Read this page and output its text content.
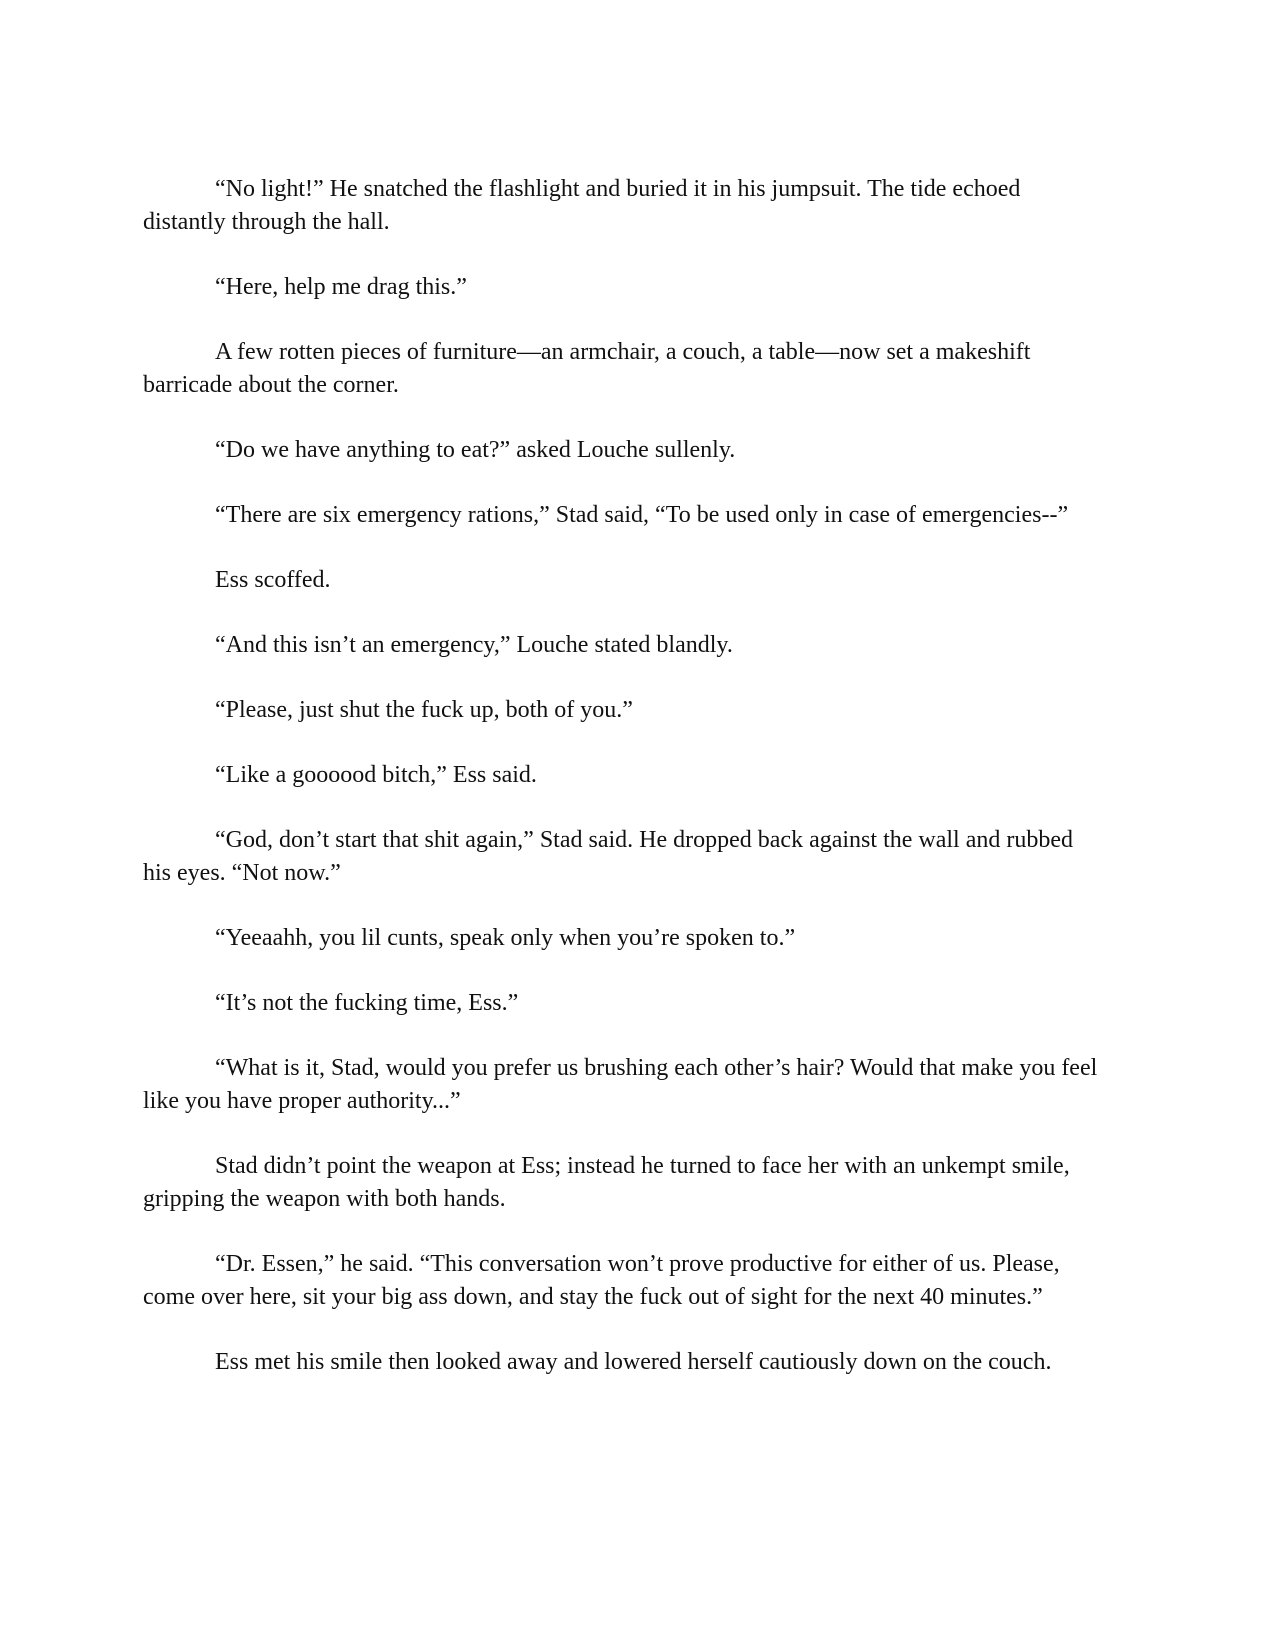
“No light!” He snatched the flashlight and buried it in his jumpsuit. The tide echoed distantly through the hall.

“Here, help me drag this.”

A few rotten pieces of furniture—an armchair, a couch, a table—now set a makeshift barricade about the corner.

“Do we have anything to eat?” asked Louche sullenly.

“There are six emergency rations,” Stad said, “To be used only in case of emergencies--”

Ess scoffed.

“And this isn’t an emergency,” Louche stated blandly.

“Please, just shut the fuck up, both of you.”

“Like a goooood bitch,” Ess said.

“God, don’t start that shit again,” Stad said. He dropped back against the wall and rubbed his eyes. “Not now.”

“Yeeaahh, you lil cunts, speak only when you’re spoken to.”

“It’s not the fucking time, Ess.”

“What is it, Stad, would you prefer us brushing each other’s hair? Would that make you feel like you have proper authority...”

Stad didn’t point the weapon at Ess; instead he turned to face her with an unkempt smile, gripping the weapon with both hands.

“Dr. Essen,” he said. “This conversation won’t prove productive for either of us. Please, come over here, sit your big ass down, and stay the fuck out of sight for the next 40 minutes.”

Ess met his smile then looked away and lowered herself cautiously down on the couch.
